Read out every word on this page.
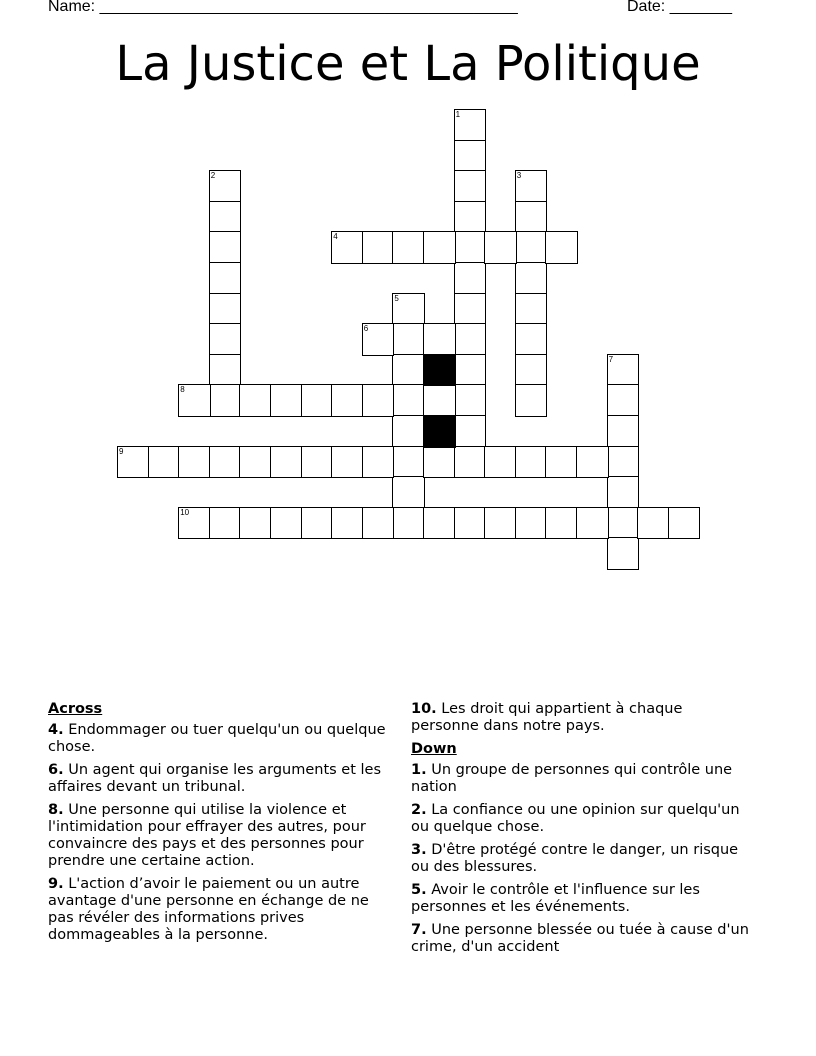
Name: _______________________________________________	Date: _______
La Justice et La Politique
1
2	3
4
5
6
7
8
9
10
Across
4. Endommager ou tuer quelqu'un ou quelque chose.
6. Un agent qui organise les arguments et les affaires devant un tribunal.
8. Une personne qui utilise la violence et l'intimidation pour effrayer des autres, pour convaincre des pays et des personnes pour prendre une certaine action.
9. L'action d’avoir le paiement ou un autre avantage d'une personne en échange de ne pas révéler des informations prives dommageables à la personne.
10. Les droit qui appartient à chaque personne dans notre pays.
Down
1. Un groupe de personnes qui contrôle une nation
2. La confiance ou une opinion sur quelqu'un ou quelque chose.
3. D'être protégé contre le danger, un risque ou des blessures.
5. Avoir le contrôle et l'influence sur les personnes et les événements.
7. Une personne blessée ou tuée à cause d'un crime, d'un accident
